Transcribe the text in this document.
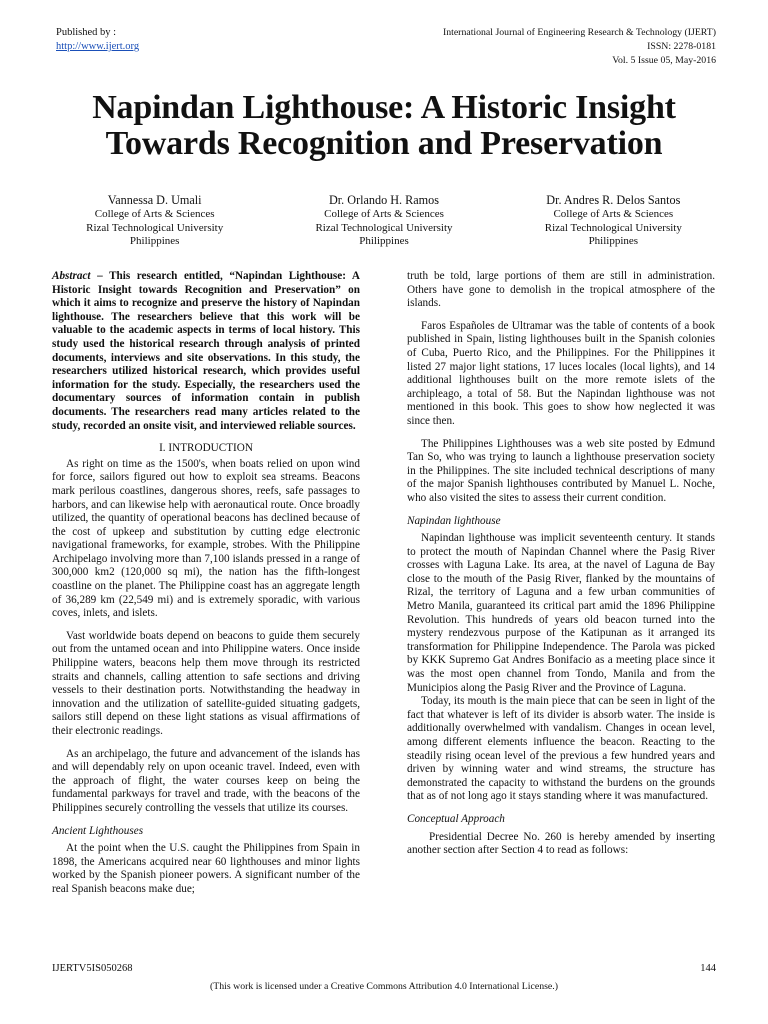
Published by :
http://www.ijert.org
International Journal of Engineering Research & Technology (IJERT)
ISSN: 2278-0181
Vol. 5 Issue 05, May-2016
Napindan Lighthouse: A Historic Insight
Towards Recognition and Preservation
Vannessa D. Umali
College of Arts & Sciences
Rizal Technological University
Philippines
Dr. Orlando H. Ramos
College of Arts & Sciences
Rizal Technological University
Philippines
Dr. Andres R. Delos Santos
College of Arts & Sciences
Rizal Technological University
Philippines

Abstract – This research entitled, “Napindan Lighthouse: A Historic Insight towards Recognition and Preservation” on which it aims to recognize and preserve the history of Napindan lighthouse. The researchers believe that this work will be valuable to the academic aspects in terms of local history. This study used the historical research through analysis of printed documents, interviews and site observations. In this study, the researchers utilized historical research, which provides useful information for the study. Especially, the researchers used the documentary sources of information contain in publish documents. The researchers read many articles related to the study, recorded an onsite visit, and interviewed reliable sources.

I. INTRODUCTION

As right on time as the 1500's, when boats relied on upon wind for force, sailors figured out how to exploit sea streams. Beacons mark perilous coastlines, dangerous shores, reefs, safe passages to harbors, and can likewise help with aeronautical route. Once broadly utilized, the quantity of operational beacons has declined because of the cost of upkeep and substitution by cutting edge electronic navigational frameworks, for example, strobes. With the Philippine Archipelago involving more than 7,100 islands pressed in a range of 300,000 km2 (120,000 sq mi), the nation has the fifth-longest coastline on the planet. The Philippine coast has an aggregate length of 36,289 km (22,549 mi) and is extremely sporadic, with various coves, inlets, and islets.

Vast worldwide boats depend on beacons to guide them securely out from the untamed ocean and into Philippine waters. Once inside Philippine waters, beacons help them move through its restricted straits and channels, calling attention to safe sections and driving vessels to their destination ports. Notwithstanding the headway in innovation and the utilization of satellite-guided situating gadgets, sailors still depend on these light stations as visual affirmations of their electronic readings.

As an archipelago, the future and advancement of the islands has and will dependably rely on upon oceanic travel. Indeed, even with the approach of flight, the water courses keep on being the fundamental parkways for travel and trade, with the beacons of the Philippines securely controlling the vessels that utilize its courses.

Ancient Lighthouses

At the point when the U.S. caught the Philippines from Spain in 1898, the Americans acquired near 60 lighthouses and minor lights worked by the Spanish pioneer powers. A significant number of the real Spanish beacons make due;

truth be told, large portions of them are still in administration. Others have gone to demolish in the tropical atmosphere of the islands.

Faros Españoles de Ultramar was the table of contents of a book published in Spain, listing lighthouses built in the Spanish colonies of Cuba, Puerto Rico, and the Philippines. For the Philippines it listed 27 major light stations, 17 luces locales (local lights), and 14 additional lighthouses built on the more remote islets of the archipleago, a total of 58. But the Napindan lighthouse was not mentioned in this book. This goes to show how neglected it was since then.

The Philippines Lighthouses was a web site posted by Edmund Tan So, who was trying to launch a lighthouse preservation society in the Philippines. The site included technical descriptions of many of the major Spanish lighthouses contributed by Manuel L. Noche, who also visited the sites to assess their current condition.

Napindan lighthouse

Napindan lighthouse was implicit seventeenth century. It stands to protect the mouth of Napindan Channel where the Pasig River crosses with Laguna Lake. Its area, at the navel of Laguna de Bay close to the mouth of the Pasig River, flanked by the mountains of Rizal, the territory of Laguna and a few urban communities of Metro Manila, guaranteed its critical part amid the 1896 Philippine Revolution. This hundreds of years old beacon turned into the mystery rendezvous purpose of the Katipunan as it arranged its transformation for Philippine Independence. The Parola was picked by KKK Supremo Gat Andres Bonifacio as a meeting place since it was the most open channel from Tondo, Manila and from the Municipios along the Pasig River and the Province of Laguna.

Today, its mouth is the main piece that can be seen in light of the fact that whatever is left of its divider is absorb water. The inside is additionally overwhelmed with vandalism. Changes in ocean level, among different elements influence the beacon. Reacting to the steadily rising ocean level of the previous a few hundred years and driven by winning water and wind streams, the structure has demonstrated the capacity to withstand the burdens on the grounds that as of not long ago it stays standing where it was manufactured.

Conceptual Approach

Presidential Decree No. 260 is hereby amended by inserting another section after Section 4 to read as follows:

IJERTV5IS050268	144
(This work is licensed under a Creative Commons Attribution 4.0 International License.)
